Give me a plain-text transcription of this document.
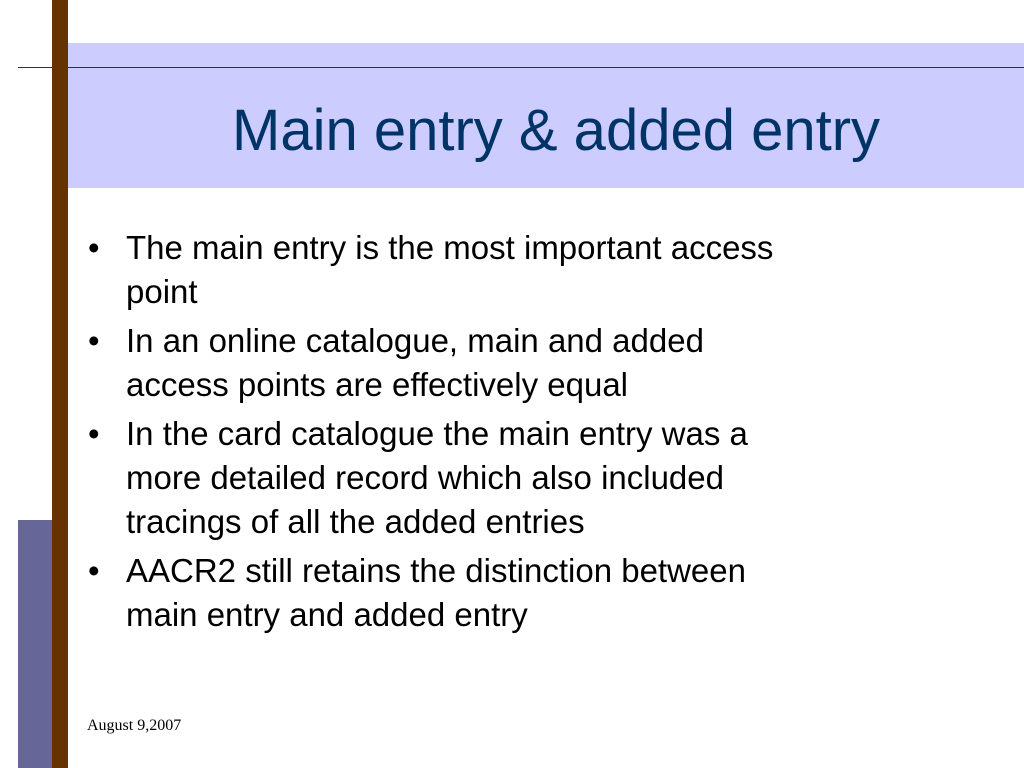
Main entry & added entry
• The main entry is the most important access
point
• In an online catalogue, main and added
access points are effectively equal
• In the card catalogue the main entry was a
more detailed record which also included
tracings of all the added entries
• AACR2 still retains the distinction between
main entry and added entry
August 9,2007
